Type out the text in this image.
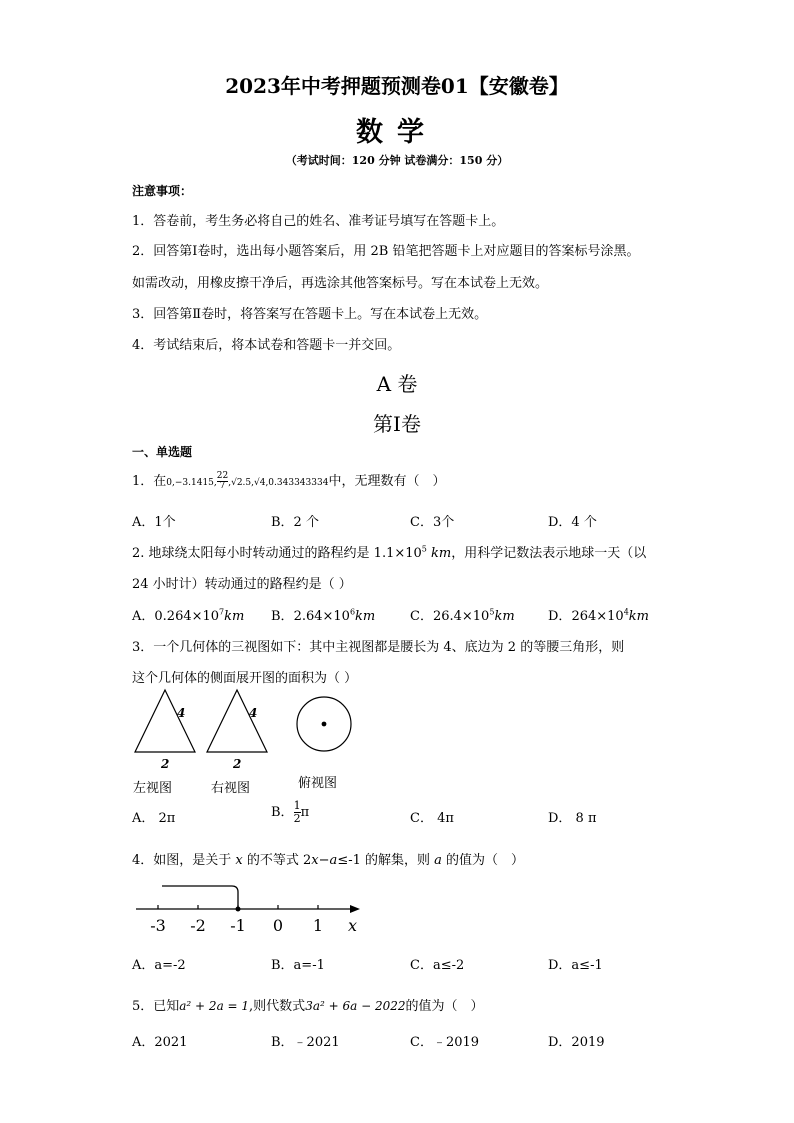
2023年中考押题预测卷01【安徽卷】
数学
（考试时间：120 分钟 试卷满分：150 分）
注意事项：
1．答卷前，考生务必将自己的姓名、准考证号填写在答题卡上。
2．回答第Ⅰ卷时，选出每小题答案后，用 2B 铅笔把答题卡上对应题目的答案标号涂黑。
如需改动，用橡皮擦干净后，再选涂其他答案标号。写在本试卷上无效。
3．回答第Ⅱ卷时，将答案写在答题卡上。写在本试卷上无效。
4．考试结束后，将本试卷和答题卡一并交回。
A 卷
第Ⅰ卷
一、单选题
1．在0,−3.1415, $\frac{22}{7} ,√2.5,√4,0.343343334$中，无理数有（　）
A．1个	B．2 个	C．3个	D．4 个
2. 地球绕太阳每小时转动通过的路程约是 $1.1\times 10^5$ km，用科学记数法表示地球一天（以
24 小时计）转动通过的路程约是（ ）
A．$0.264\times 10^7km$ B．$2.64\times 10^6km$	C．$26.4\times 10^5km$	D．$264\times 10^4km$
3．一个几何体的三视图如下：其中主视图都是腰长为 4、底边为 2 的等腰三角形，则
这个几何体的侧面展开图的面积为（ ）
4
2
4
2
左视图	右视图	俯视图
A． 2π	B． $\frac{1}{2}$ π	C． 4π	D． 8 π
4．如图，是关于 x 的不等式 2x−a≤-1 的解集，则 a 的值为（　）
-3 -2 -1 0 1 x
A．a=-2	B．a=-1	C．a≤-2	D．a≤-1
5．已知a² + 2a = 1,则代数式3a² + 6a − 2022的值为（　）
A．2021	B．﹣2021	C．﹣2019	D．2019
